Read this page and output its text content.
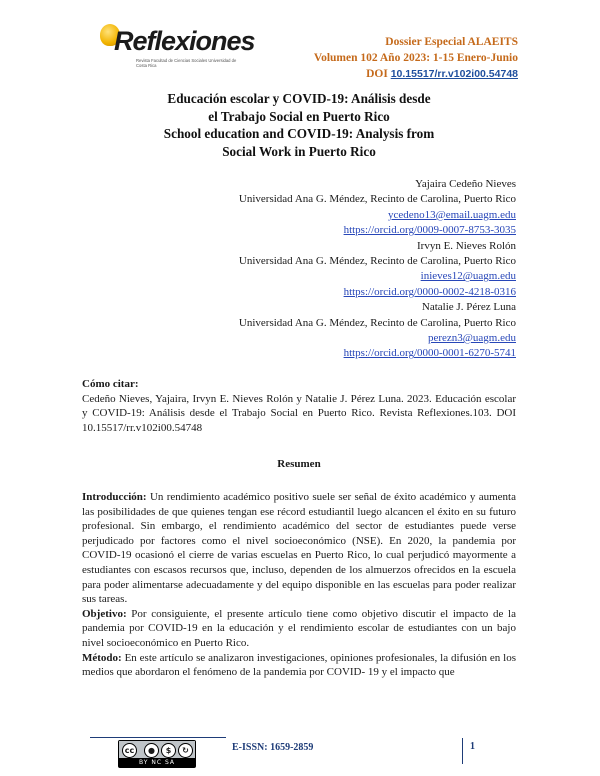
Reflexiones
Revista Facultad de Ciencias Sociales Universidad de Costa Rica
Dossier Especial ALAEITS
Volumen 102 Año 2023: 1-15 Enero-Junio
DOI 10.15517/rr.v102i00.54748
Educación escolar y COVID-19: Análisis desde
el Trabajo Social en Puerto Rico
School education and COVID-19: Analysis from
Social Work in Puerto Rico
Yajaira Cedeño Nieves
Universidad Ana G. Méndez, Recinto de Carolina, Puerto Rico
ycedeno13@email.uagm.edu
https://orcid.org/0009-0007-8753-3035
Irvyn E. Nieves Rolón
Universidad Ana G. Méndez, Recinto de Carolina, Puerto Rico
inieves12@uagm.edu
https://orcid.org/0000-0002-4218-0316
Natalie J. Pérez Luna
Universidad Ana G. Méndez, Recinto de Carolina, Puerto Rico
perezn3@uagm.edu
https://orcid.org/0000-0001-6270-5741
Cómo citar:
Cedeño Nieves, Yajaira, Irvyn E. Nieves Rolón y Natalie J. Pérez Luna. 2023. Educación escolar y COVID-19: Análisis desde el Trabajo Social en Puerto Rico. Revista Reflexiones.103. DOI 10.15517/rr.v102i00.54748
Resumen
Introducción: Un rendimiento académico positivo suele ser señal de éxito académico y aumenta las posibilidades de que quienes tengan ese récord estudiantil luego alcancen el éxito en su futuro profesional. Sin embargo, el rendimiento académico del sector de estudiantes puede verse perjudicado por factores como el nivel socioeconómico (NSE). En 2020, la pandemia por COVID-19 ocasionó el cierre de varias escuelas en Puerto Rico, lo cual perjudicó mayormente a estudiantes con escasos recursos que, incluso, dependen de los almuerzos ofrecidos en la escuela para poder alimentarse adecuadamente y del equipo disponible en las escuelas para poder realizar sus tareas.
Objetivo: Por consiguiente, el presente artículo tiene como objetivo discutir el impacto de la pandemia por COVID-19 en la educación y el rendimiento escolar de estudiantes con un bajo nivel socioeconómico en Puerto Rico.
Método: En este artículo se analizaron investigaciones, opiniones profesionales, la difusión en los medios que abordaron el fenómeno de la pandemia por COVID- 19 y el impacto que
cc	●	$	↻
BY NC SA
E-ISSN: 1659-2859	1
